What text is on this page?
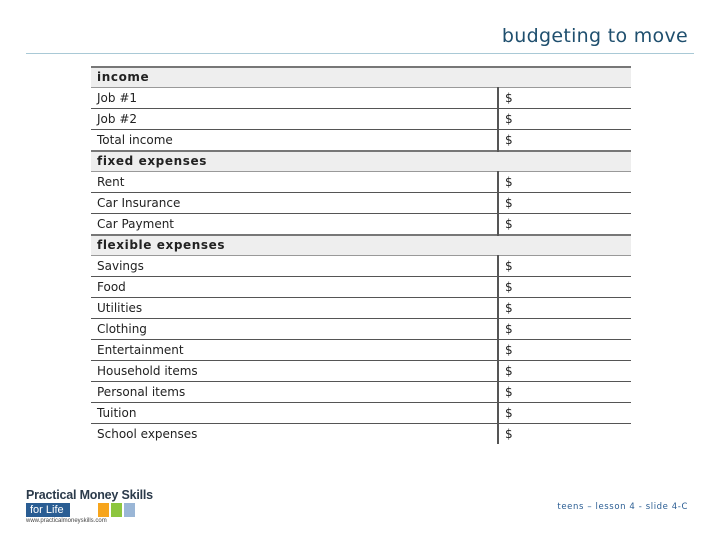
budgeting to move
income	
Job #1	$
Job #2	$
Total income	$
fixed expenses	
Rent	$
Car Insurance	$
Car Payment	$
flexible expenses	
Savings	$
Food	$
Utilities	$
Clothing	$
Entertainment	$
Household items	$
Personal items	$
Tuition	$
School expenses	$
Practical Money Skills
for Life
www.practicalmoneyskills.com
teens – lesson 4 - slide 4-C
